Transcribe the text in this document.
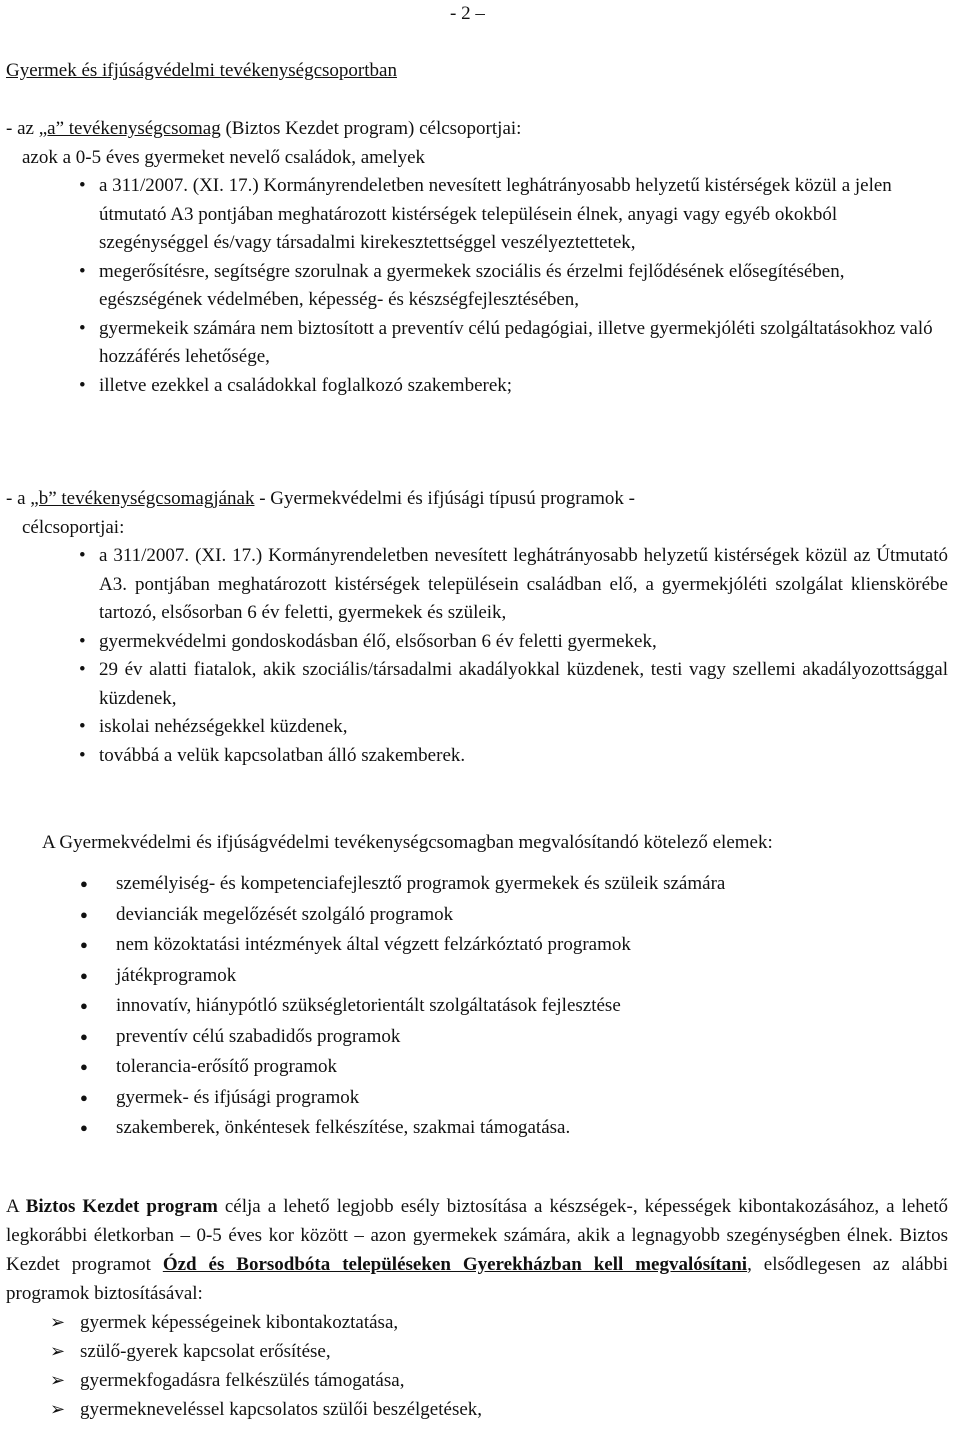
- 2 –
Gyermek és ifjúságvédelmi tevékenységcsoportban
- az „a” tevékenységcsomag (Biztos Kezdet program) célcsoportjai:
azok a 0-5 éves gyermeket nevelő családok, amelyek
• a 311/2007. (XI. 17.) Kormányrendeletben nevesített leghátrányosabb helyzetű kistérségek közül a jelen útmutató A3 pontjában meghatározott kistérségek településein élnek, anyagi vagy egyéb okokból szegénységgel és/vagy társadalmi kirekesztettséggel veszélyeztettetek,
• megerősítésre, segítségre szorulnak a gyermekek szociális és érzelmi fejlődésének elősegítésében, egészségének védelmében, képesség- és készségfejlesztésében,
• gyermekeik számára nem biztosított a preventív célú pedagógiai, illetve gyermekjóléti szolgáltatásokhoz való hozzáférés lehetősége,
• illetve ezekkel a családokkal foglalkozó szakemberek;
- a „b” tevékenységcsomagjának - Gyermekvédelmi és ifjúsági típusú programok -
célcsoportjai:
• a 311/2007. (XI. 17.) Kormányrendeletben nevesített leghátrányosabb helyzetű kistérségek közül az Útmutató A3. pontjában meghatározott kistérségek településein családban elő, a gyermekjóléti szolgálat klienskörébe tartozó, elsősorban 6 év feletti, gyermekek és szüleik,
• gyermekvédelmi gondoskodásban élő, elsősorban 6 év feletti gyermekek,
• 29 év alatti fiatalok, akik szociális/társadalmi akadályokkal küzdenek, testi vagy szellemi akadályozottsággal küzdenek,
• iskolai nehézségekkel küzdenek,
• továbbá a velük kapcsolatban álló szakemberek.
A Gyermekvédelmi és ifjúságvédelmi tevékenységcsomagban megvalósítandó kötelező elemek:
● személyiség- és kompetenciafejlesztő programok gyermekek és szüleik számára
● devianciák megelőzését szolgáló programok
● nem közoktatási intézmények által végzett felzárkóztató programok
● játékprogramok
● innovatív, hiánypótló szükségletorientált szolgáltatások fejlesztése
● preventív célú szabadidős programok
● tolerancia-erősítő programok
● gyermek- és ifjúsági programok
● szakemberek, önkéntesek felkészítése, szakmai támogatása.
A Biztos Kezdet program célja a lehető legjobb esély biztosítása a készségek-, képességek kibontakozásához, a lehető legkorábbi életkorban – 0-5 éves kor között – azon gyermekek számára, akik a legnagyobb szegénységben élnek. Biztos Kezdet programot Ózd és Borsodbóta településeken Gyerekházban kell megvalósítani, elsődlegesen az alábbi programok biztosításával:
➢ gyermek képességeinek kibontakoztatása,
➢ szülő-gyerek kapcsolat erősítése,
➢ gyermekfogadásra felkészülés támogatása,
➢ gyermekneveléssel kapcsolatos szülői beszélgetések,
